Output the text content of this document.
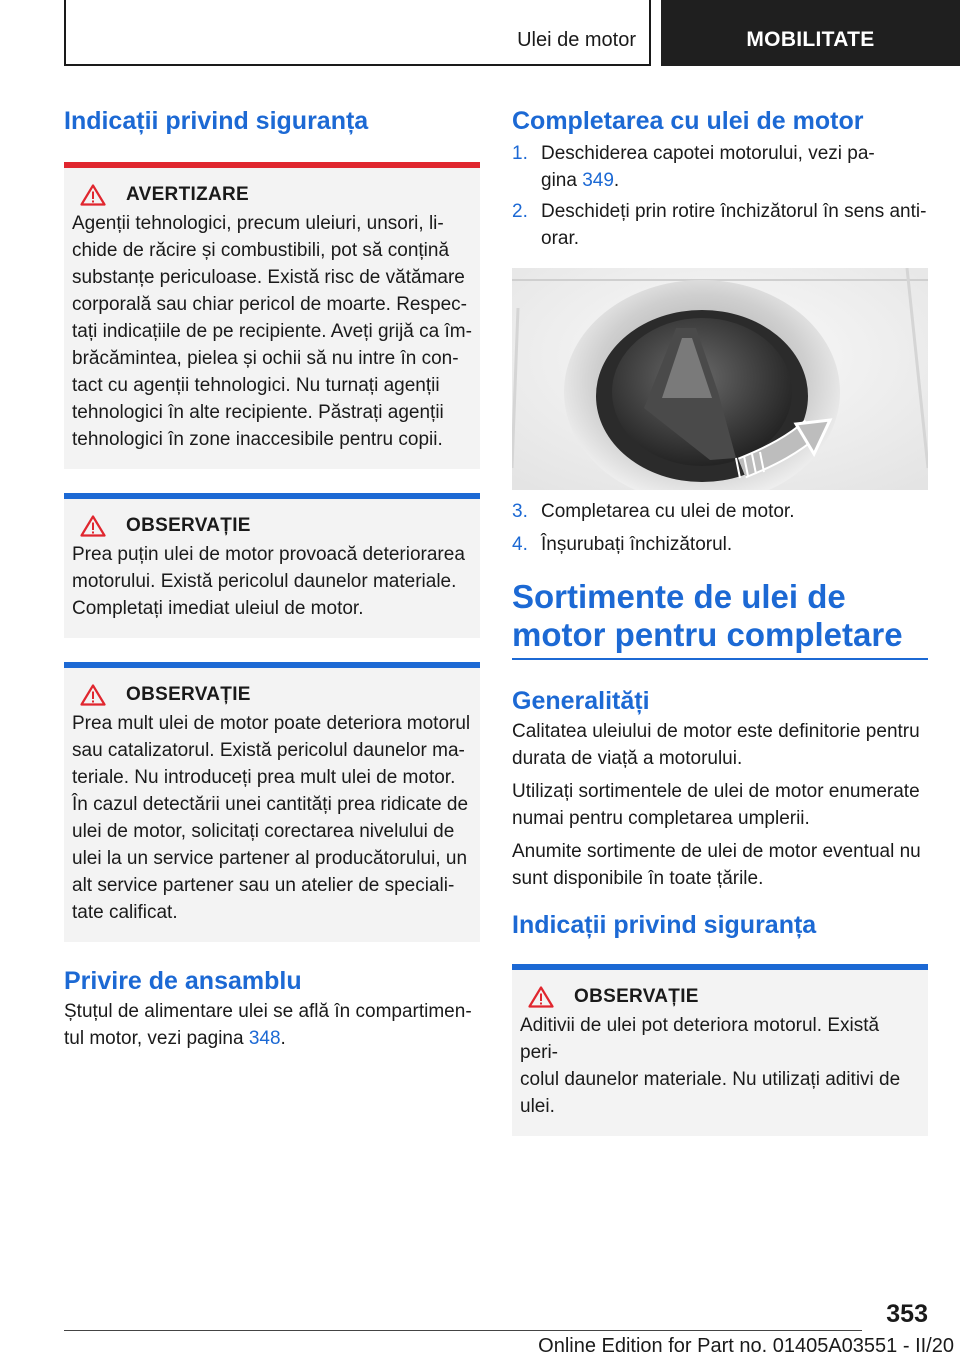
Ulei de motor	MOBILITATE
Indicații privind siguranța
AVERTIZARE
Agenții tehnologici, precum uleiuri, unsori, li-
chide de răcire și combustibili, pot să conțină
substanțe periculoase. Există risc de vătămare
corporală sau chiar pericol de moarte. Respec-
tați indicațiile de pe recipiente. Aveți grijă ca îm-
brăcămintea, pielea și ochii să nu intre în con-
tact cu agenții tehnologici. Nu turnați agenții
tehnologici în alte recipiente. Păstrați agenții
tehnologici în zone inaccesibile pentru copii.
OBSERVAȚIE
Prea puțin ulei de motor provoacă deteriorarea
motorului. Există pericolul daunelor materiale.
Completați imediat uleiul de motor.
OBSERVAȚIE
Prea mult ulei de motor poate deteriora motorul
sau catalizatorul. Există pericolul daunelor ma-
teriale. Nu introduceți prea mult ulei de motor.
În cazul detectării unei cantități prea ridicate de
ulei de motor, solicitați corectarea nivelului de
ulei la un service partener al producătorului, un
alt service partener sau un atelier de speciali-
tate calificat.
Privire de ansamblu
Ștuțul de alimentare ulei se află în compartimen-
tul motor, vezi pagina 348.
Completarea cu ulei de motor
1. Deschiderea capotei motorului, vezi pa-
gina 349.
2. Deschideți prin rotire închizătorul în sens anti-
orar.
3. Completarea cu ulei de motor.
4. Înșurubați închizătorul.
Sortimente de ulei de
motor pentru completare
Generalități
Calitatea uleiului de motor este definitorie pentru
durata de viață a motorului.
Utilizați sortimentele de ulei de motor enumerate
numai pentru completarea umplerii.
Anumite sortimente de ulei de motor eventual nu
sunt disponibile în toate țările.
Indicații privind siguranța
OBSERVAȚIE
Aditivii de ulei pot deteriora motorul. Există peri-
colul daunelor materiale. Nu utilizați aditivi de
ulei.
353
Online Edition for Part no. 01405A03551 - II/20
